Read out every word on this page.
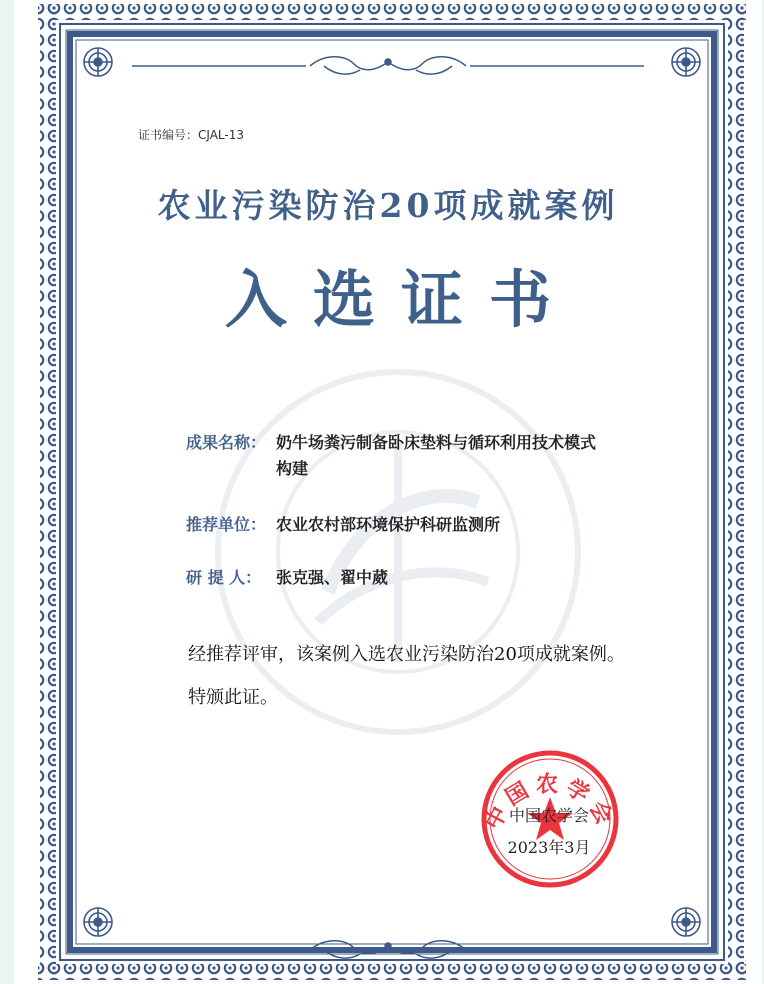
证书编号：CJAL-13
农业污染防治20项成就案例
入选证书
成果名称： 奶牛场粪污制备卧床垫料与循环利用技术模式构建
推荐单位： 农业农村部环境保护科研监测所
研 提 人： 张克强、翟中葳

经推荐评审，该案例入选农业污染防治20项成就案例。

特颁此证。

中国农学会
中国农学会
2023年3月
